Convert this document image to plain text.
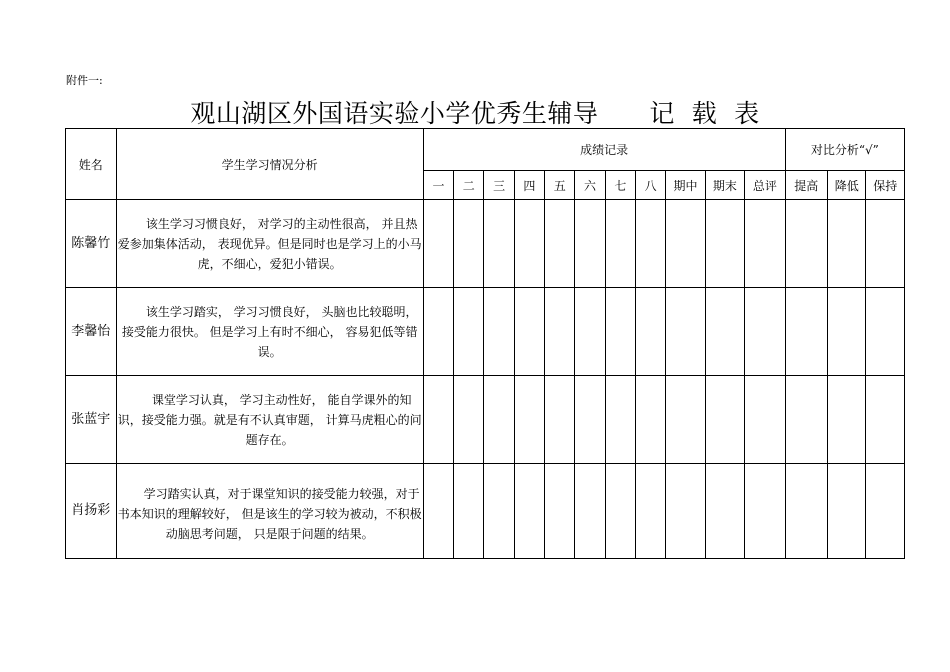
附件一:

观山湖区外国语实验小学优秀生辅导　　记  载  表
姓名	学生学习情况分析	成绩记录											对比分析“√”		
		一	二	三	四	五	六	七	八	期中	期末	总评	提高	降低	保持
陈馨竹	该生学习习惯良好， 对学习的主动性很高， 并且热爱参加集体活动， 表现优异。但是同时也是学习上的小马虎，不细心，爱犯小错误。														
李馨怡	该生学习踏实， 学习习惯良好， 头脑也比较聪明，接受能力很快。 但是学习上有时不细心， 容易犯低等错误。														
张蓝宇	课堂学习认真， 学习主动性好， 能自学课外的知识，接受能力强。就是有不认真审题， 计算马虎粗心的问题存在。														
肖扬彩	学习踏实认真，对于课堂知识的接受能力较强，对于书本知识的理解较好， 但是该生的学习较为被动，不积极动脑思考问题， 只是限于问题的结果。														
